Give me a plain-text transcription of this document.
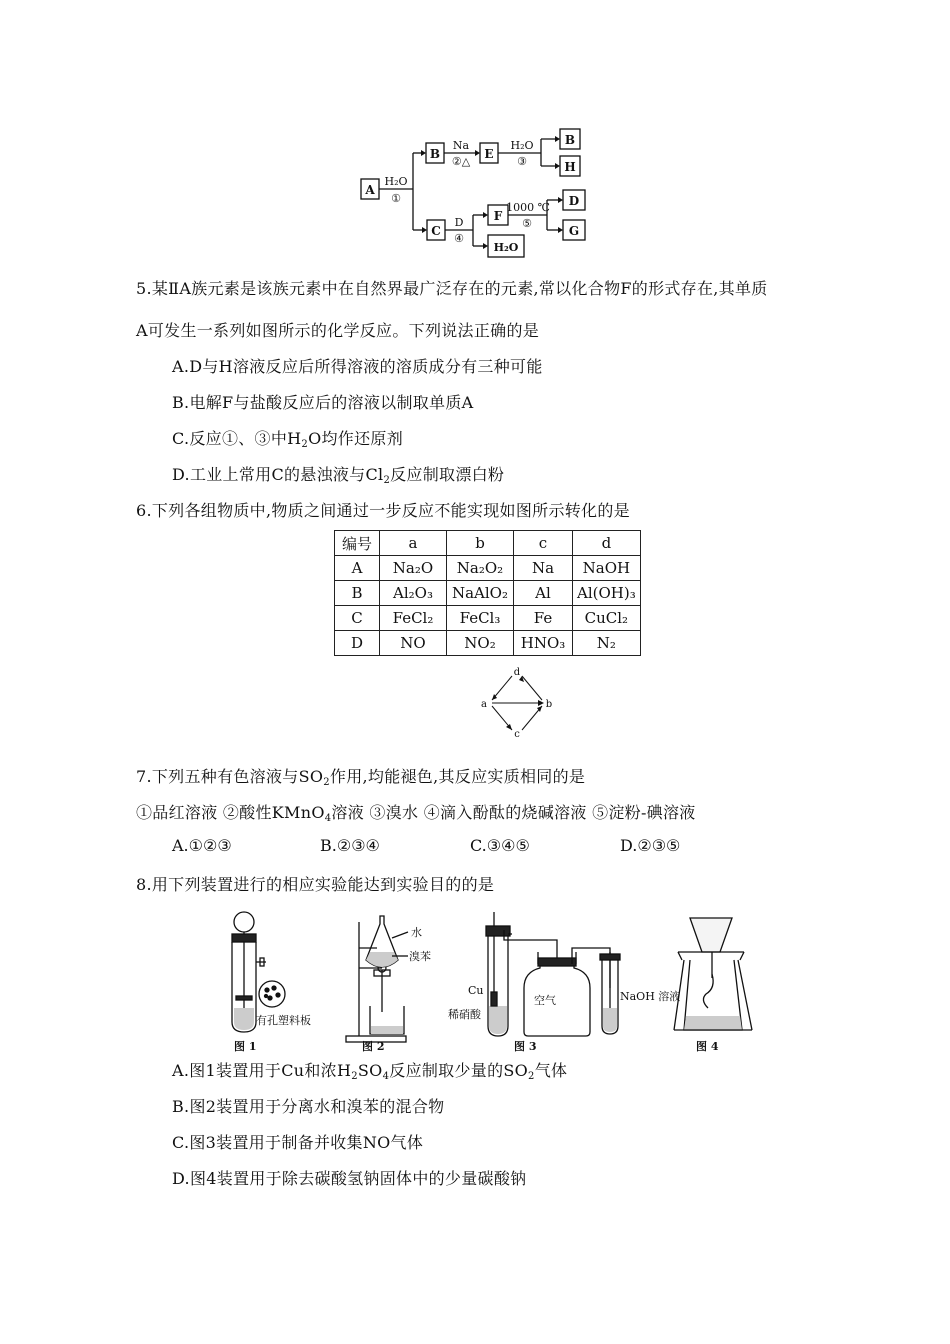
A
B	E
B
H
C
F
D
G
H₂O
H₂O
①
Na
②△
H₂O
③
D
④
1000 ℃
⑤
5.某ⅡA族元素是该族元素中在自然界最广泛存在的元素,常以化合物F的形式存在,其单质
A可发生一系列如图所示的化学反应。下列说法正确的是
A.D与H溶液反应后所得溶液的溶质成分有三种可能
B.电解F与盐酸反应后的溶液以制取单质A
C.反应①、③中$H_2O$均作还原剂
D.工业上常用C的悬浊液与$Cl_2$反应制取漂白粉
6.下列各组物质中,物质之间通过一步反应不能实现如图所示转化的是
编号	a	b	c	d
A	Na₂O	Na₂O₂	Na	NaOH
B	Al₂O₃	NaAlO₂	Al	Al(OH)₃
C	FeCl₂	FeCl₃	Fe	CuCl₂
D	NO	NO₂	HNO₃	N₂
a	b
c
d
7.下列五种有色溶液与$SO_2$作用,均能褪色,其反应实质相同的是
①品红溶液 ②酸性KMnO$_4$溶液 ③溴水 ④滴入酚酞的烧碱溶液 ⑤淀粉-碘溶液
A.①②③	B.②③④	C.③④⑤	D.②③⑤
8.用下列装置进行的相应实验能达到实验目的的是
有孔塑料板
水
溴苯
Cu
空气
稀硝酸
NaOH 溶液
图 1	图 2	图 3	图 4
A.图1装置用于Cu和浓$H_2SO_4$反应制取少量的$SO_2$气体
B.图2装置用于分离水和溴苯的混合物
C.图3装置用于制备并收集NO气体
D.图4装置用于除去碳酸氢钠固体中的少量碳酸钠
